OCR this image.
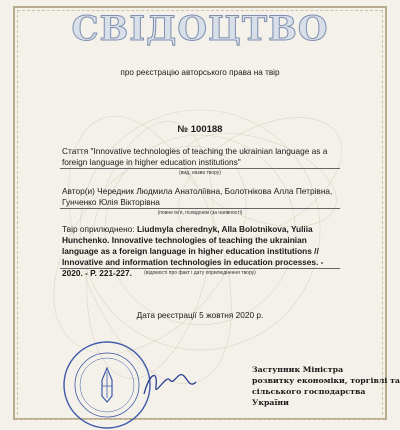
СВІДОЦТВО
про реєстрацію авторського права на твір
№ 100188
Стаття "Innovative technologies of teaching the ukrainian language as a foreign language in higher education institutions"
(вид, назва твору)
Автор(и) Чередник Людмила Анатоліївна, Болотнікова Алла Петрівна, Гунченко Юлія Вікторівна
(повне ім'я, псевдонім (за наявності)
Твір оприлюднено: Liudmyla cherednyk, Alla Bolotnikova, Yuliia Hunchenko. Innovative technologies of teaching the ukrainian language as a foreign language in higher education institutions // Innovative and information technologies in education processes. - 2020. - P. 221-227.	(відомості про факт і дату оприлюднення твору)
Дата реєстрації 5 жовтня 2020 р.
Заступник Міністра
розвитку економіки, торгівлі та
сільського господарства України
